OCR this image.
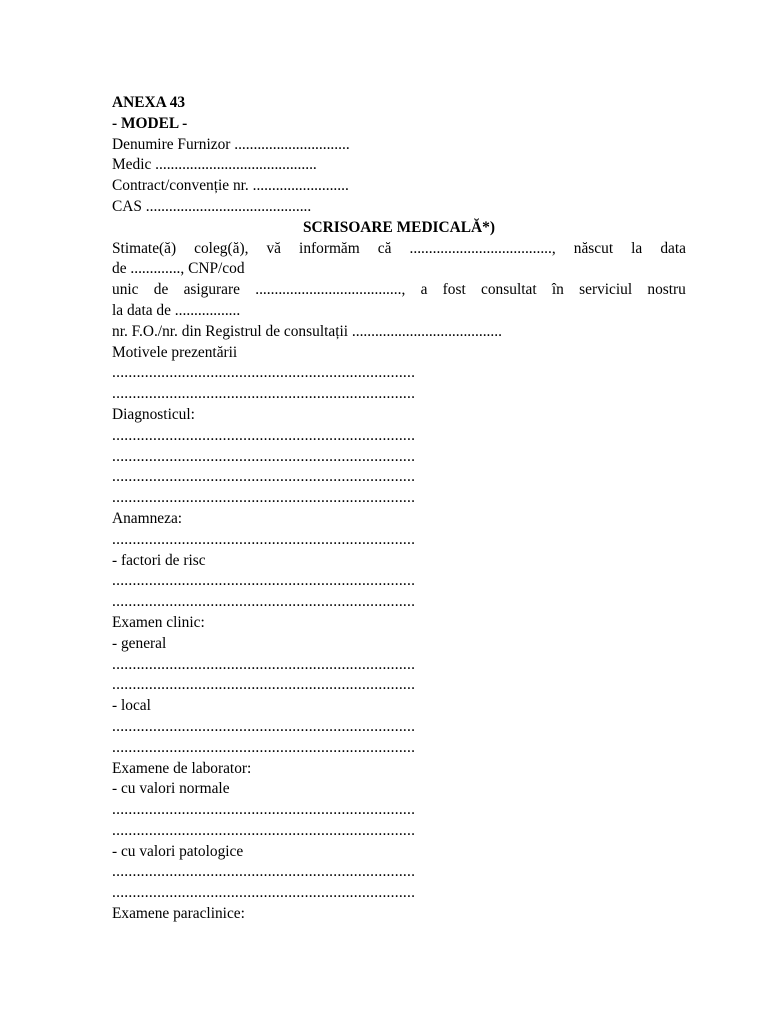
ANEXA 43
- MODEL -
Denumire Furnizor ..............................
Medic ..........................................
Contract/convenție nr. .........................
CAS ...........................................
SCRISOARE MEDICALĂ*)
Stimate(ă) coleg(ă), vă informăm că ....................................., născut la data
de ............., CNP/cod
unic de asigurare ......................................, a fost consultat în serviciul nostru
la data de .................
nr. F.O./nr. din Registrul de consultații .......................................
Motivele prezentării
..........................................................................
..........................................................................
Diagnosticul:
..........................................................................
..........................................................................
..........................................................................
..........................................................................
Anamneza:
..........................................................................
- factori de risc
..........................................................................
..........................................................................
Examen clinic:
- general
..........................................................................
..........................................................................
- local
..........................................................................
..........................................................................
Examene de laborator:
- cu valori normale
..........................................................................
..........................................................................
- cu valori patologice
..........................................................................
..........................................................................
Examene paraclinice:
